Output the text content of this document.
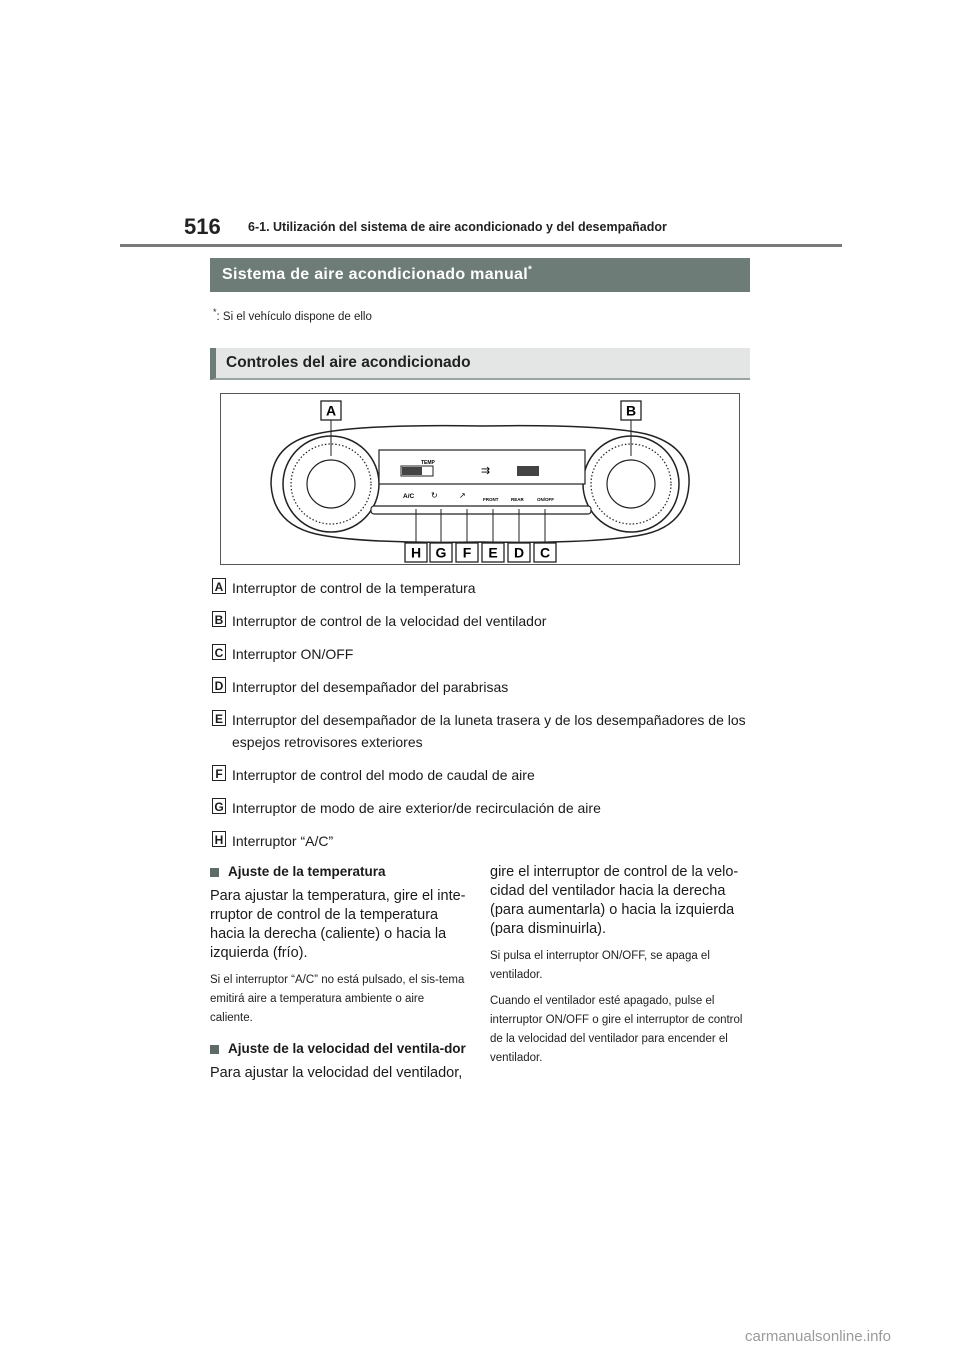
516 6-1. Utilización del sistema de aire acondicionado y del desempañador
Sistema de aire acondicionado manual*
*: Si el vehículo dispone de ello
Controles del aire acondicionado
TEMP
⇉
A/C ↻	↗	FRONT	REAR	ON/OFF
A	B
H G F E D C
A Interruptor de control de la temperatura
B Interruptor de control de la velocidad del ventilador
C Interruptor ON/OFF
D Interruptor del desempañador del parabrisas
E Interruptor del desempañador de la luneta trasera y de los desempañadores de los espejos retrovisores exteriores
F Interruptor de control del modo de caudal de aire
G Interruptor de modo de aire exterior/de recirculación de aire
H Interruptor “A/C”
Ajuste de la temperatura
Para ajustar la temperatura, gire el inte-rruptor de control de la temperatura hacia la derecha (caliente) o hacia la izquierda (frío).
Si el interruptor “A/C” no está pulsado, el sis-tema emitirá aire a temperatura ambiente o aire caliente.
Ajuste de la velocidad del ventila-dor
Para ajustar la velocidad del ventilador,
gire el interruptor de control de la velo-cidad del ventilador hacia la derecha (para aumentarla) o hacia la izquierda (para disminuirla).
Si pulsa el interruptor ON/OFF, se apaga el ventilador.
Cuando el ventilador esté apagado, pulse el interruptor ON/OFF o gire el interruptor de control de la velocidad del ventilador para encender el ventilador.
carmanualsonline.info
